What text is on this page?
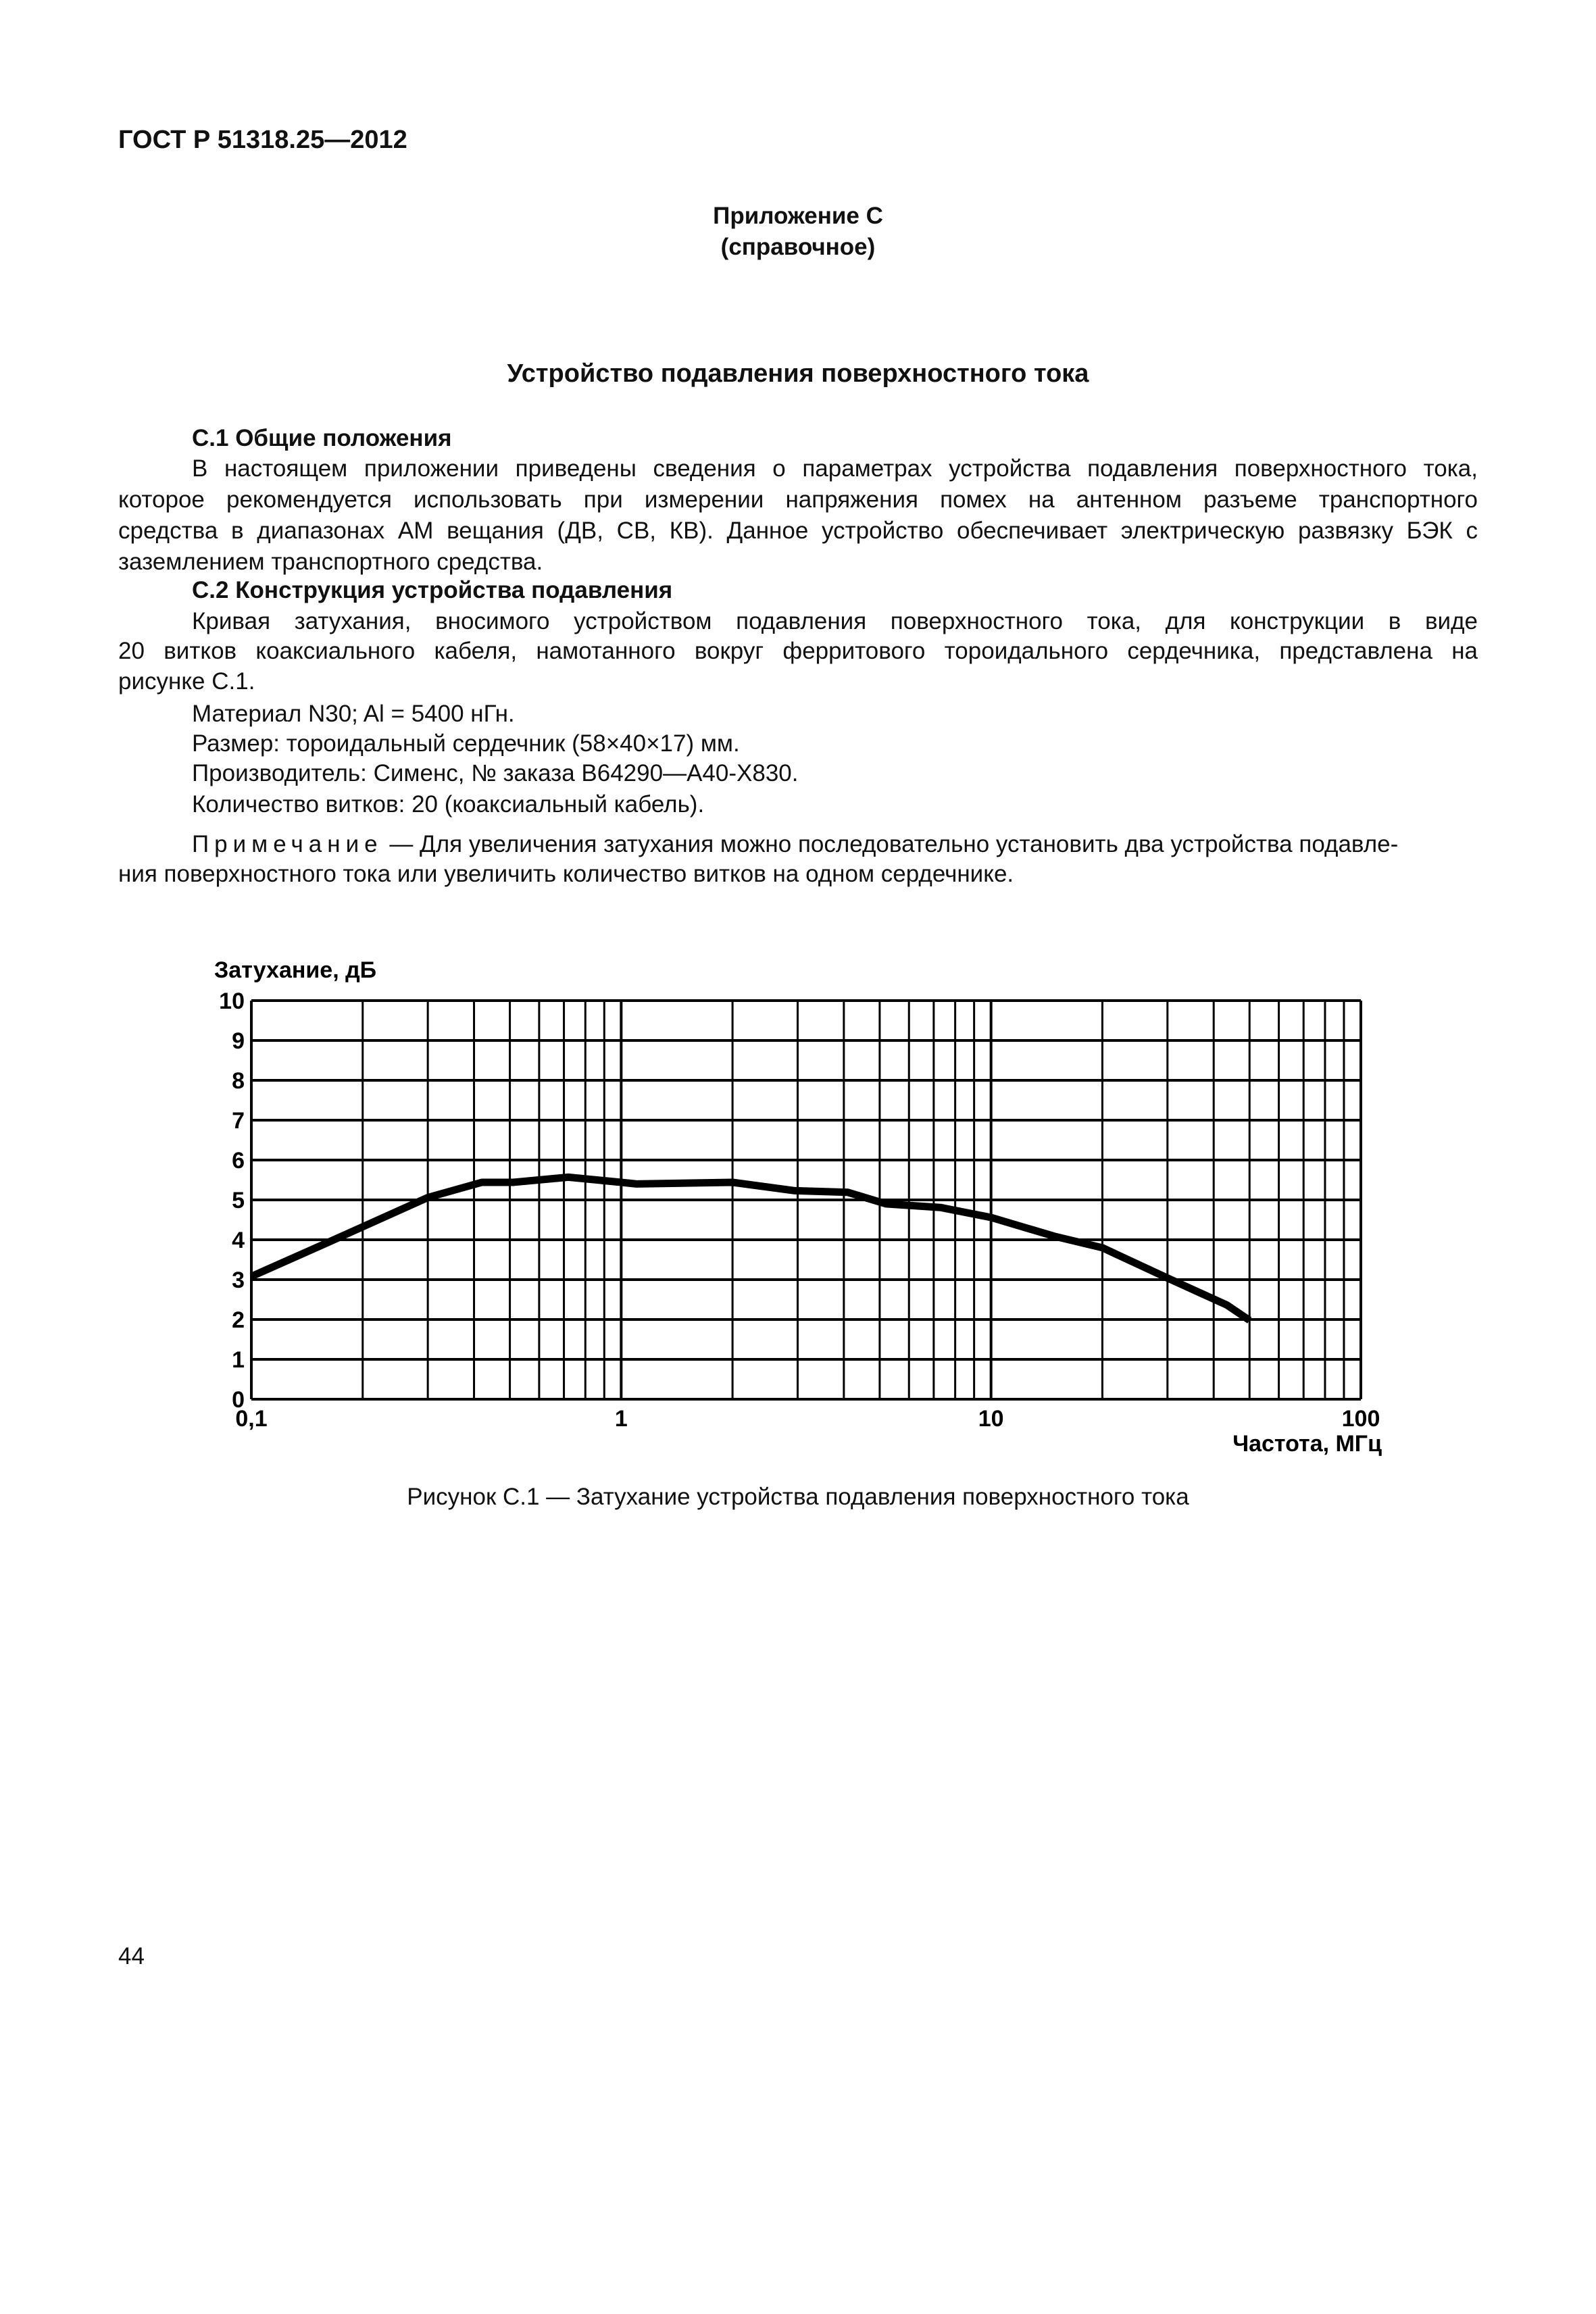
ГОСТ Р 51318.25—2012
Приложение С
(справочное)
Устройство подавления поверхностного тока
С.1 Общие положения
В настоящем приложении приведены сведения о параметрах устройства подавления поверхностного тока,
которое рекомендуется использовать при измерении напряжения помех на антенном разъеме транспортного
средства в диапазонах АМ вещания (ДВ, СВ, КВ). Данное устройство обеспечивает электрическую развязку БЭК с
заземлением транспортного средства.
С.2 Конструкция устройства подавления
Кривая затухания, вносимого устройством подавления поверхностного тока, для конструкции в виде
20 витков коаксиального кабеля, намотанного вокруг ферритового тороидального сердечника, представлена на
рисунке С.1.
Материал N30; Al = 5400 нГн.
Размер: тороидальный сердечник (58×40×17) мм.
Производитель: Сименс, № заказа В64290—А40-Х830.
Количество витков: 20 (коаксиальный кабель).
Примечание — Для увеличения затухания можно последовательно установить два устройства подавле-
ния поверхностного тока или увеличить количество витков на одном сердечнике.
Затухание, дБ
Частота, МГц
0
1
2
3
4
5
6
7
8
9
10
0,1	1	10	100
Рисунок С.1 — Затухание устройства подавления поверхностного тока
44
